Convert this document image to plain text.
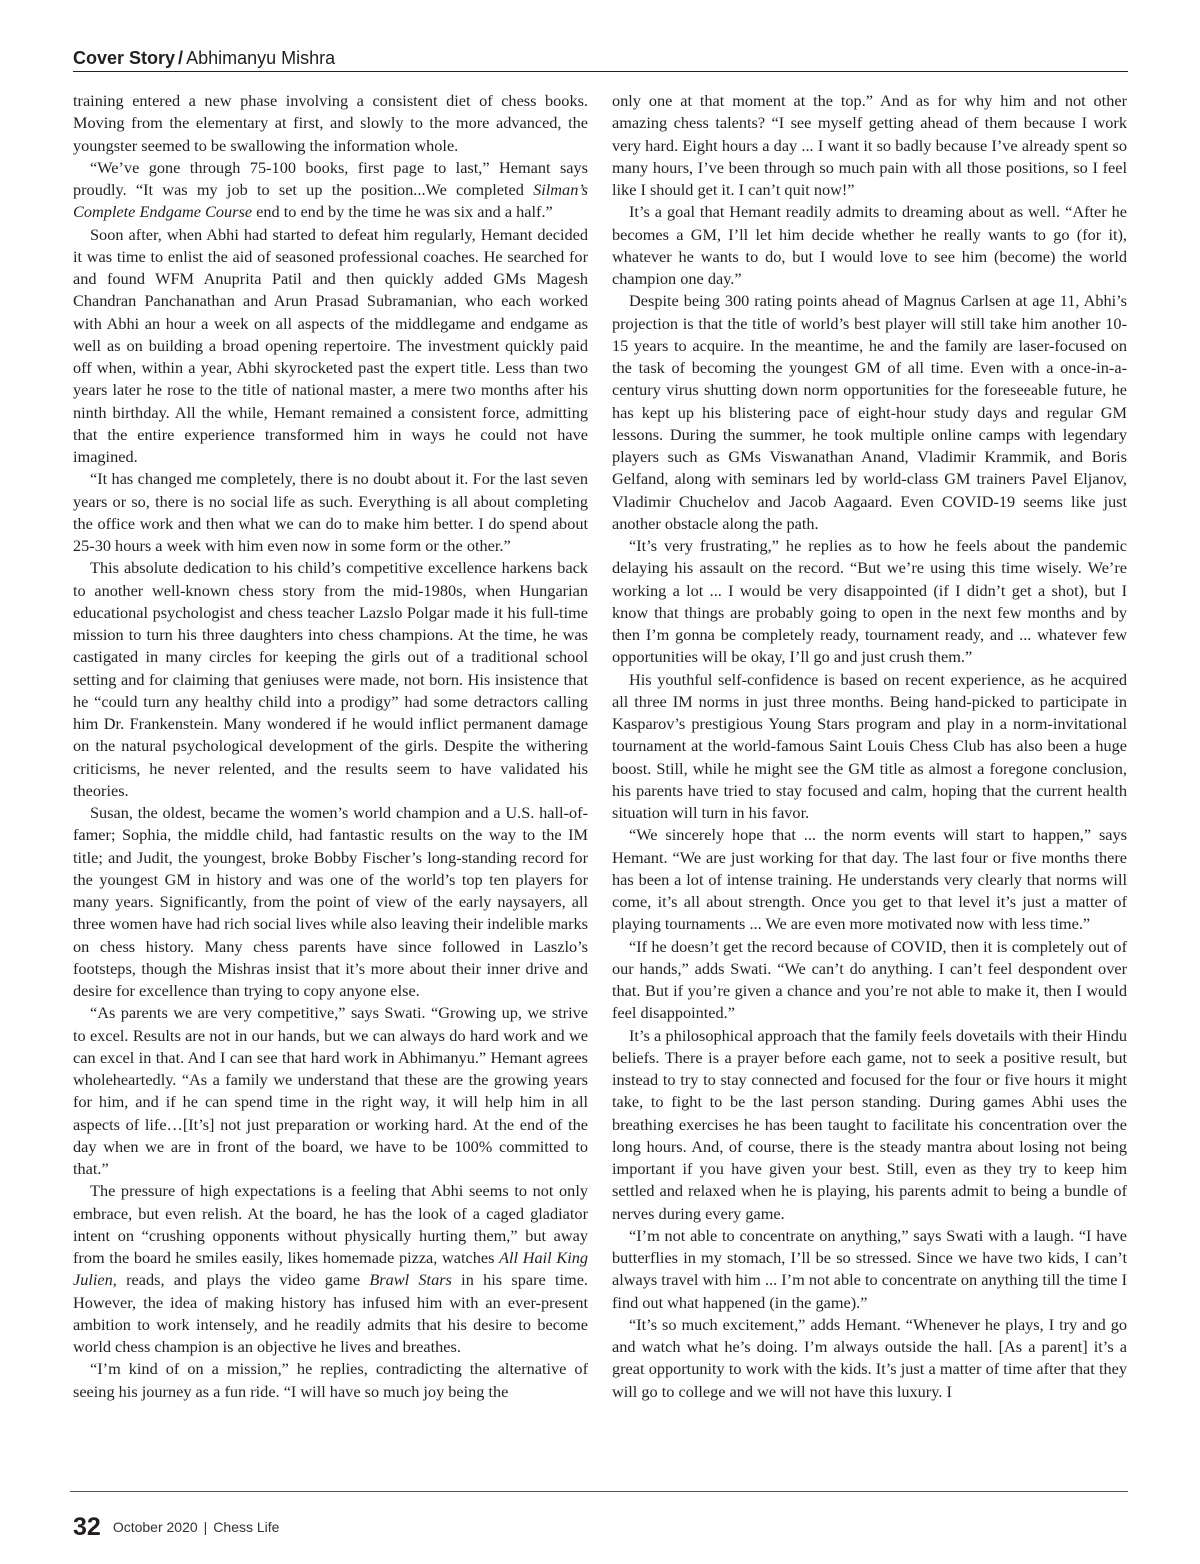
Cover Story / Abhimanyu Mishra

training entered a new phase involving a consistent diet of chess books. Moving from the elementary at first, and slowly to the more advanced, the youngster seemed to be swallowing the information whole.

“We’ve gone through 75-100 books, first page to last,” Hemant says proudly. “It was my job to set up the position...We completed Silman’s Complete Endgame Course end to end by the time he was six and a half.”

Soon after, when Abhi had started to defeat him regularly, Hemant decided it was time to enlist the aid of seasoned professional coaches. He searched for and found WFM Anuprita Patil and then quickly added GMs Magesh Chandran Panchanathan and Arun Prasad Subramanian, who each worked with Abhi an hour a week on all aspects of the middlegame and endgame as well as on building a broad opening repertoire. The investment quickly paid off when, within a year, Abhi skyrocketed past the expert title. Less than two years later he rose to the title of national master, a mere two months after his ninth birthday. All the while, Hemant remained a consistent force, admitting that the entire experience transformed him in ways he could not have imagined.

“It has changed me completely, there is no doubt about it. For the last seven years or so, there is no social life as such. Everything is all about completing the office work and then what we can do to make him better. I do spend about 25-30 hours a week with him even now in some form or the other.”

This absolute dedication to his child’s competitive excellence harkens back to another well-known chess story from the mid-1980s, when Hungarian educational psychologist and chess teacher Lazslo Polgar made it his full-time mission to turn his three daughters into chess champions. At the time, he was castigated in many circles for keeping the girls out of a traditional school setting and for claiming that geniuses were made, not born. His insistence that he “could turn any healthy child into a prodigy” had some detractors calling him Dr. Frankenstein. Many wondered if he would inflict permanent damage on the natural psychological development of the girls. Despite the withering criticisms, he never relented, and the results seem to have validated his theories.

Susan, the oldest, became the women’s world champion and a U.S. hall-of-famer; Sophia, the middle child, had fantastic results on the way to the IM title; and Judit, the youngest, broke Bobby Fischer’s long-standing record for the youngest GM in history and was one of the world’s top ten players for many years. Significantly, from the point of view of the early naysayers, all three women have had rich social lives while also leaving their indelible marks on chess history. Many chess parents have since followed in Laszlo’s footsteps, though the Mishras insist that it’s more about their inner drive and desire for excellence than trying to copy anyone else.

“As parents we are very competitive,” says Swati. “Growing up, we strive to excel. Results are not in our hands, but we can always do hard work and we can excel in that. And I can see that hard work in Abhimanyu.” Hemant agrees wholeheartedly. “As a family we understand that these are the growing years for him, and if he can spend time in the right way, it will help him in all aspects of life…[It’s] not just preparation or working hard. At the end of the day when we are in front of the board, we have to be 100% committed to that.”

The pressure of high expectations is a feeling that Abhi seems to not only embrace, but even relish. At the board, he has the look of a caged gladiator intent on “crushing opponents without physically hurting them,” but away from the board he smiles easily, likes homemade pizza, watches All Hail King Julien, reads, and plays the video game Brawl Stars in his spare time. However, the idea of making history has infused him with an ever-present ambition to work intensely, and he readily admits that his desire to become world chess champion is an objective he lives and breathes.

“I’m kind of on a mission,” he replies, contradicting the alternative of seeing his journey as a fun ride. “I will have so much joy being the

only one at that moment at the top.” And as for why him and not other amazing chess talents? “I see myself getting ahead of them because I work very hard. Eight hours a day ... I want it so badly because I’ve already spent so many hours, I’ve been through so much pain with all those positions, so I feel like I should get it. I can’t quit now!”

It’s a goal that Hemant readily admits to dreaming about as well. “After he becomes a GM, I’ll let him decide whether he really wants to go (for it), whatever he wants to do, but I would love to see him (become) the world champion one day.”

Despite being 300 rating points ahead of Magnus Carlsen at age 11, Abhi’s projection is that the title of world’s best player will still take him another 10-15 years to acquire. In the meantime, he and the family are laser-focused on the task of becoming the youngest GM of all time. Even with a once-in-a-century virus shutting down norm opportunities for the foreseeable future, he has kept up his blistering pace of eight-hour study days and regular GM lessons. During the summer, he took multiple online camps with legendary players such as GMs Viswanathan Anand, Vladimir Krammik, and Boris Gelfand, along with seminars led by world-class GM trainers Pavel Eljanov, Vladimir Chuchelov and Jacob Aagaard. Even COVID-19 seems like just another obstacle along the path.

“It’s very frustrating,” he replies as to how he feels about the pandemic delaying his assault on the record. “But we’re using this time wisely. We’re working a lot ... I would be very disappointed (if I didn’t get a shot), but I know that things are probably going to open in the next few months and by then I’m gonna be completely ready, tournament ready, and ... whatever few opportunities will be okay, I’ll go and just crush them.”

His youthful self-confidence is based on recent experience, as he acquired all three IM norms in just three months. Being hand-picked to participate in Kasparov’s prestigious Young Stars program and play in a norm-invitational tournament at the world-famous Saint Louis Chess Club has also been a huge boost. Still, while he might see the GM title as almost a foregone conclusion, his parents have tried to stay focused and calm, hoping that the current health situation will turn in his favor.

“We sincerely hope that ... the norm events will start to happen,” says Hemant. “We are just working for that day. The last four or five months there has been a lot of intense training. He understands very clearly that norms will come, it’s all about strength. Once you get to that level it’s just a matter of playing tournaments ... We are even more motivated now with less time.”

“If he doesn’t get the record because of COVID, then it is completely out of our hands,” adds Swati. “We can’t do anything. I can’t feel despondent over that. But if you’re given a chance and you’re not able to make it, then I would feel disappointed.”

It’s a philosophical approach that the family feels dovetails with their Hindu beliefs. There is a prayer before each game, not to seek a positive result, but instead to try to stay connected and focused for the four or five hours it might take, to fight to be the last person standing. During games Abhi uses the breathing exercises he has been taught to facilitate his concentration over the long hours. And, of course, there is the steady mantra about losing not being important if you have given your best. Still, even as they try to keep him settled and relaxed when he is playing, his parents admit to being a bundle of nerves during every game.

“I’m not able to concentrate on anything,” says Swati with a laugh. “I have butterflies in my stomach, I’ll be so stressed. Since we have two kids, I can’t always travel with him ... I’m not able to concentrate on anything till the time I find out what happened (in the game).”

“It’s so much excitement,” adds Hemant. “Whenever he plays, I try and go and watch what he’s doing. I’m always outside the hall. [As a parent] it’s a great opportunity to work with the kids. It’s just a matter of time after that they will go to college and we will not have this luxury. I

32 October 2020 | Chess Life
